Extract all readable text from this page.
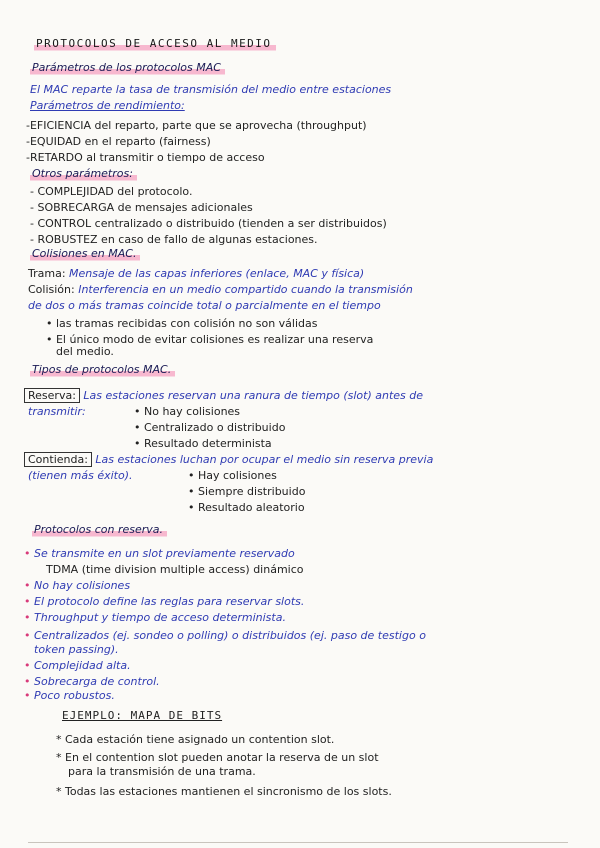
PROTOCOLOS DE ACCESO AL MEDIO
Parámetros de los protocolos MAC
El MAC reparte la tasa de transmisión del medio entre estaciones
Parámetros de rendimiento:
-EFICIENCIA del reparto, parte que se aprovecha (throughput)
-EQUIDAD en el reparto (fairness)
-RETARDO al transmitir o tiempo de acceso
Otros parámetros:
- COMPLEJIDAD del protocolo.
- SOBRECARGA de mensajes adicionales
- CONTROL centralizado o distribuido (tienden a ser distribuidos)
- ROBUSTEZ en caso de fallo de algunas estaciones.
Colisiones en MAC.
Trama: Mensaje de las capas inferiores (enlace, MAC y física)
Colisión: Interferencia en un medio compartido cuando la transmisión
de dos o más tramas coincide total o parcialmente en el tiempo
• las tramas recibidas con colisión no son válidas
• El único modo de evitar colisiones es realizar una reserva
del medio.
Tipos de protocolos MAC.
Reserva: Las estaciones reservan una ranura de tiempo (slot) antes de
transmitir:	• No hay colisiones
• Centralizado o distribuido
• Resultado determinista
Contienda: Las estaciones luchan por ocupar el medio sin reserva previa
(tienen más éxito).	• Hay colisiones
• Siempre distribuido
• Resultado aleatorio
Protocolos con reserva.
• Se transmite en un slot previamente reservado
TDMA (time division multiple access) dinámico
• No hay colisiones
• El protocolo define las reglas para reservar slots.
• Throughput y tiempo de acceso determinista.
• Centralizados (ej. sondeo o polling) o distribuidos (ej. paso de testigo o
token passing).
• Complejidad alta.
• Sobrecarga de control.
• Poco robustos.
EJEMPLO: MAPA DE BITS
* Cada estación tiene asignado un contention slot.
* En el contention slot pueden anotar la reserva de un slot
para la transmisión de una trama.
* Todas las estaciones mantienen el sincronismo de los slots.
